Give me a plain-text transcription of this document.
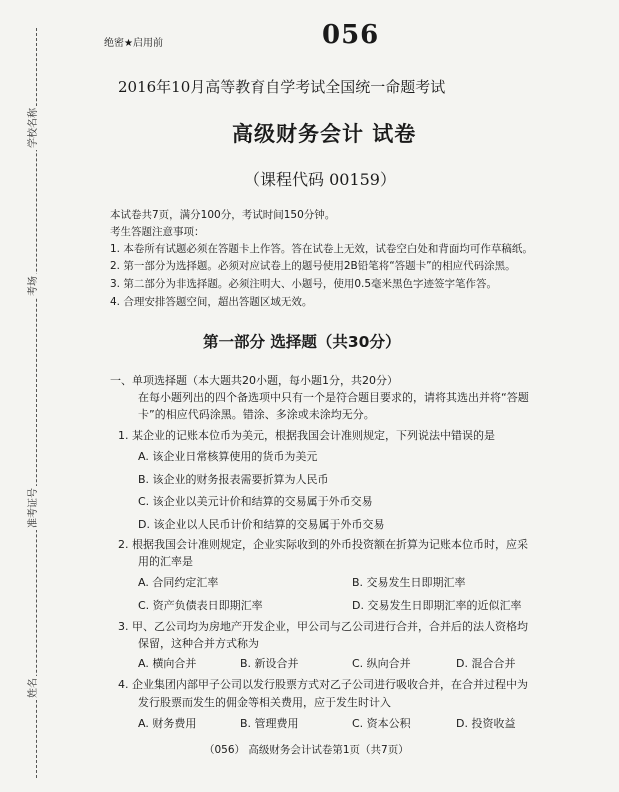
学校名称
考场
准考证号
姓名
绝密★启用前	056
2016年10月高等教育自学考试全国统一命题考试
高级财务会计 试卷
（课程代码 00159）
本试卷共7页，满分100分，考试时间150分钟。
考生答题注意事项：
1. 本卷所有试题必须在答题卡上作答。答在试卷上无效，试卷空白处和背面均可作草稿纸。
2. 第一部分为选择题。必须对应试卷上的题号使用2B铅笔将“答题卡”的相应代码涂黑。
3. 第二部分为非选择题。必须注明大、小题号，使用0.5毫米黑色字迹签字笔作答。
4. 合理安排答题空间，超出答题区域无效。
第一部分 选择题（共30分）
一、单项选择题（本大题共20小题，每小题1分，共20分）
在每小题列出的四个备选项中只有一个是符合题目要求的，请将其选出并将“答题
卡”的相应代码涂黑。错涂、多涂或未涂均无分。
1. 某企业的记账本位币为美元，根据我国会计准则规定，下列说法中错误的是
A. 该企业日常核算使用的货币为美元
B. 该企业的财务报表需要折算为人民币
C. 该企业以美元计价和结算的交易属于外币交易
D. 该企业以人民币计价和结算的交易属于外币交易
2. 根据我国会计准则规定，企业实际收到的外币投资额在折算为记账本位币时，应采
用的汇率是
A. 合同约定汇率	B. 交易发生日即期汇率
C. 资产负债表日即期汇率	D. 交易发生日即期汇率的近似汇率
3. 甲、乙公司均为房地产开发企业，甲公司与乙公司进行合并，合并后的法人资格均
保留，这种合并方式称为
A. 横向合并	B. 新设合并	C. 纵向合并	D. 混合合并
4. 企业集团内部甲子公司以发行股票方式对乙子公司进行吸收合并，在合并过程中为
发行股票而发生的佣金等相关费用，应于发生时计入
A. 财务费用	B. 管理费用	C. 资本公积	D. 投资收益
（056） 高级财务会计试卷第1页（共7页）
